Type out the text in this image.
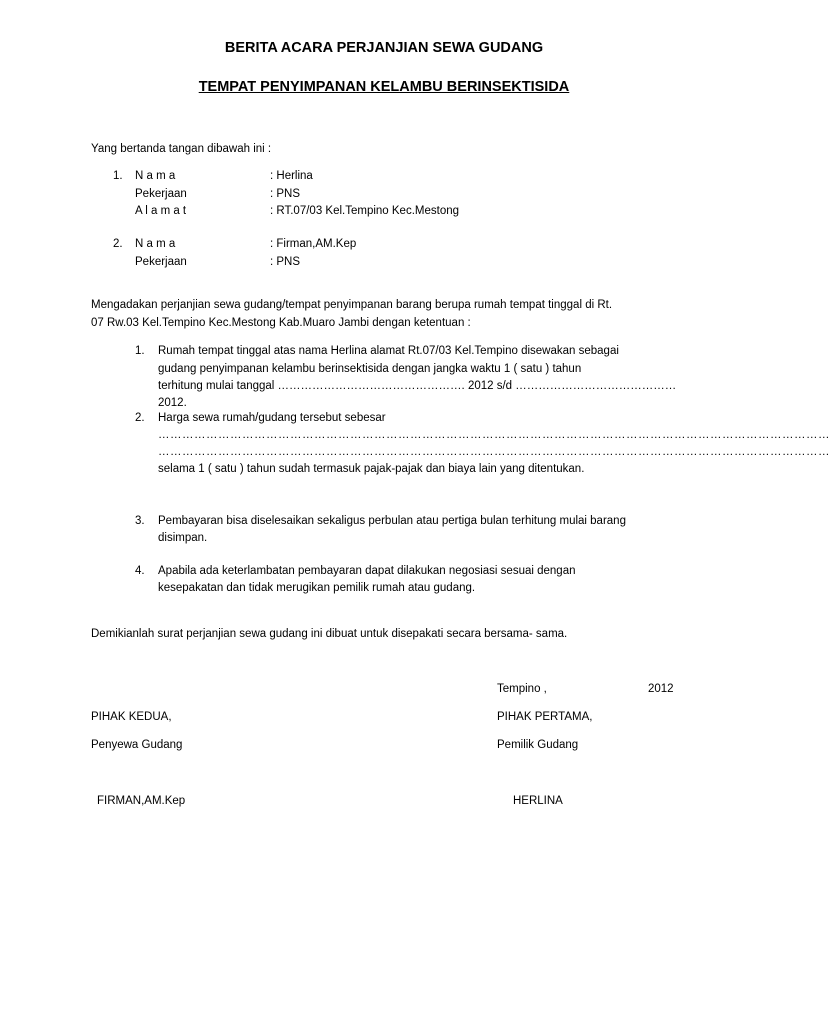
BERITA ACARA PERJANJIAN SEWA GUDANG
TEMPAT PENYIMPANAN KELAMBU BERINSEKTISIDA
Yang bertanda tangan dibawah ini :
1.	N a m a	: Herlina
Pekerjaan	: PNS
A l a m a t	: RT.07/03 Kel.Tempino Kec.Mestong
2.	N a m a	: Firman,AM.Kep
Pekerjaan	: PNS
Mengadakan perjanjian sewa gudang/tempat penyimpanan barang berupa rumah tempat tinggal di Rt.
07 Rw.03 Kel.Tempino Kec.Mestong Kab.Muaro Jambi dengan ketentuan :
1.	Rumah tempat tinggal atas nama Herlina alamat Rt.07/03 Kel.Tempino disewakan sebagai
gudang penyimpanan kelambu berinsektisida dengan jangka waktu 1 ( satu ) tahun
terhitung mulai tanggal …………………………………………. 2012 s/d …………………………………… 2012.
2.	Harga sewa rumah/gudang tersebut sebesar
……………………………………………………………………………………………………………………………………………………
……………………………………………………………………………………………………………………………………………………
selama 1 ( satu ) tahun sudah termasuk pajak-pajak dan biaya lain yang ditentukan.
3.	Pembayaran bisa diselesaikan sekaligus perbulan atau pertiga bulan terhitung mulai barang
disimpan.
4.	Apabila ada keterlambatan pembayaran dapat dilakukan negosiasi sesuai dengan
kesepakatan dan tidak merugikan pemilik rumah atau gudang.
Demikianlah surat perjanjian sewa gudang ini dibuat untuk disepakati secara bersama- sama.
Tempino ,	2012
PIHAK KEDUA,	PIHAK PERTAMA,
Penyewa Gudang	Pemilik Gudang
FIRMAN,AM.Kep	HERLINA
